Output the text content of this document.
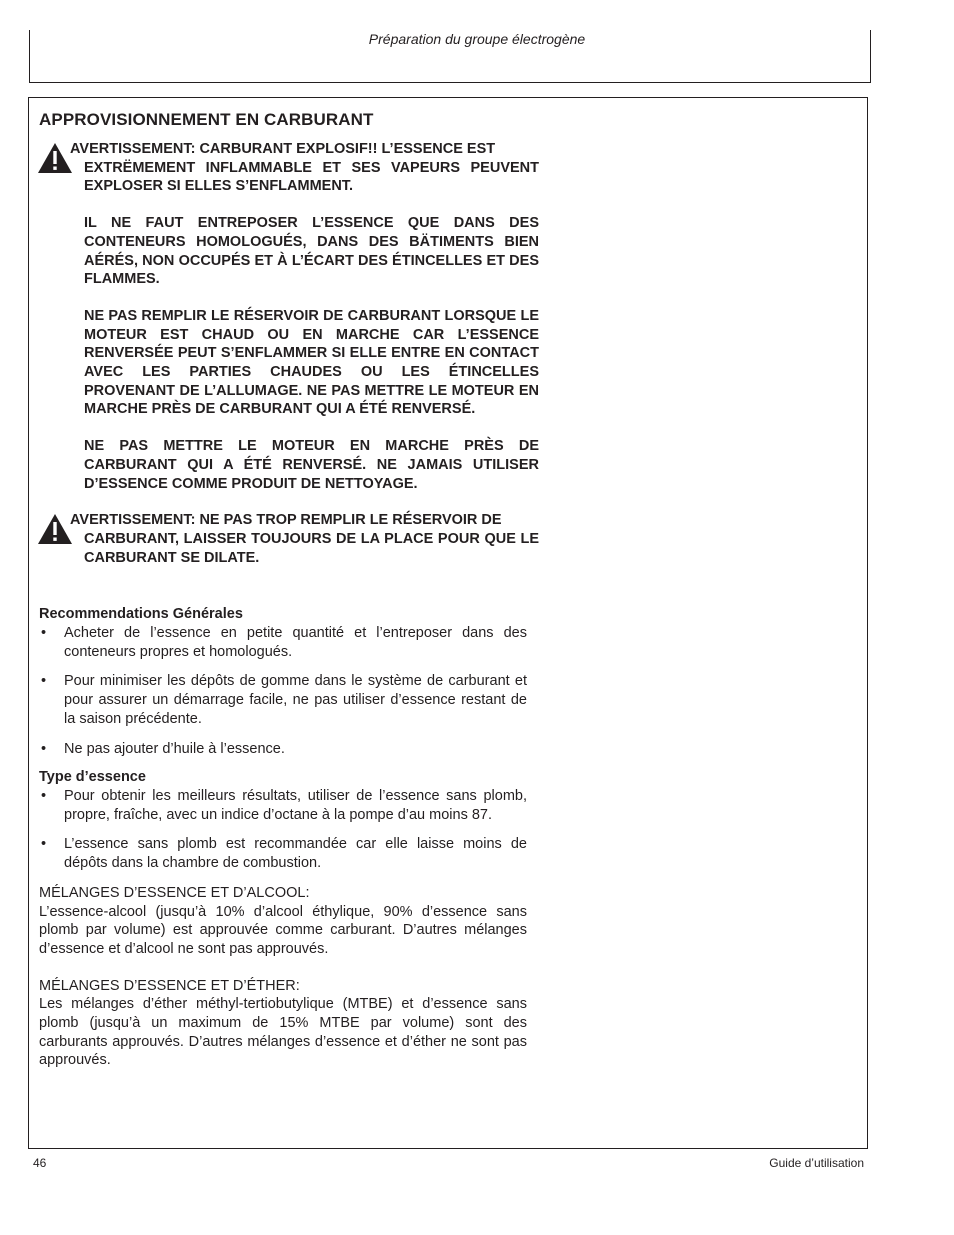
Préparation du groupe électrogène
APPROVISIONNEMENT EN CARBURANT

AVERTISSEMENT: CARBURANT EXPLOSIF!! L’ESSENCE EST
EXTRËMEMENT INFLAMMABLE ET SES VAPEURS PEUVENT EXPLOSER SI ELLES S’ENFLAMMENT.

IL NE FAUT ENTREPOSER L’ESSENCE QUE DANS DES CONTENEURS HOMOLOGUÉS, DANS DES BÄTIMENTS BIEN AÉRÉS, NON OCCUPÉS ET À L’ÉCART DES ÉTINCELLES ET DES FLAMMES.

NE PAS REMPLIR LE RÉSERVOIR DE CARBURANT LORSQUE LE MOTEUR EST CHAUD OU EN MARCHE CAR L’ESSENCE RENVERSÉE PEUT S’ENFLAMMER SI ELLE ENTRE EN CONTACT AVEC LES PARTIES CHAUDES OU LES ÉTINCELLES PROVENANT DE L’ALLUMAGE. NE PAS METTRE LE MOTEUR EN MARCHE PRÈS DE CARBURANT QUI A ÉTÉ RENVERSÉ.

NE PAS METTRE LE MOTEUR EN MARCHE PRÈS DE CARBURANT QUI A ÉTÉ RENVERSÉ. NE JAMAIS UTILISER D’ESSENCE COMME PRODUIT DE NETTOYAGE.

AVERTISSEMENT: NE PAS TROP REMPLIR LE RÉSERVOIR DE
CARBURANT, LAISSER TOUJOURS DE LA PLACE POUR QUE LE CARBURANT SE DILATE.

Recommendations Générales

• Acheter de l’essence en petite quantité et l’entreposer dans des conteneurs propres et homologués.
• Pour minimiser les dépôts de gomme dans le système de carburant et pour assurer un démarrage facile, ne pas utiliser d’essence restant de la saison précédente.
• Ne pas ajouter d’huile à l’essence.

Type d’essence

• Pour obtenir les meilleurs résultats, utiliser de l’essence sans plomb, propre, fraîche, avec un indice d’octane à la pompe d’au moins 87.
• L’essence sans plomb est recommandée car elle laisse moins de dépôts dans la chambre de combustion.

MÉLANGES D’ESSENCE ET D’ALCOOL:

L’essence-alcool (jusqu’à 10% d’alcool éthylique, 90% d’essence sans plomb par volume) est approuvée comme carburant. D’autres mélanges d’essence et d’alcool ne sont pas approuvés.

MÉLANGES D’ESSENCE ET D’ÉTHER:

Les mélanges d’éther méthyl-tertiobutylique (MTBE) et d’essence sans plomb (jusqu’à un maximum de 15% MTBE par volume) sont des carburants approuvés. D’autres mélanges d’essence et d’éther ne sont pas approuvés.

46	Guide d’utilisation
